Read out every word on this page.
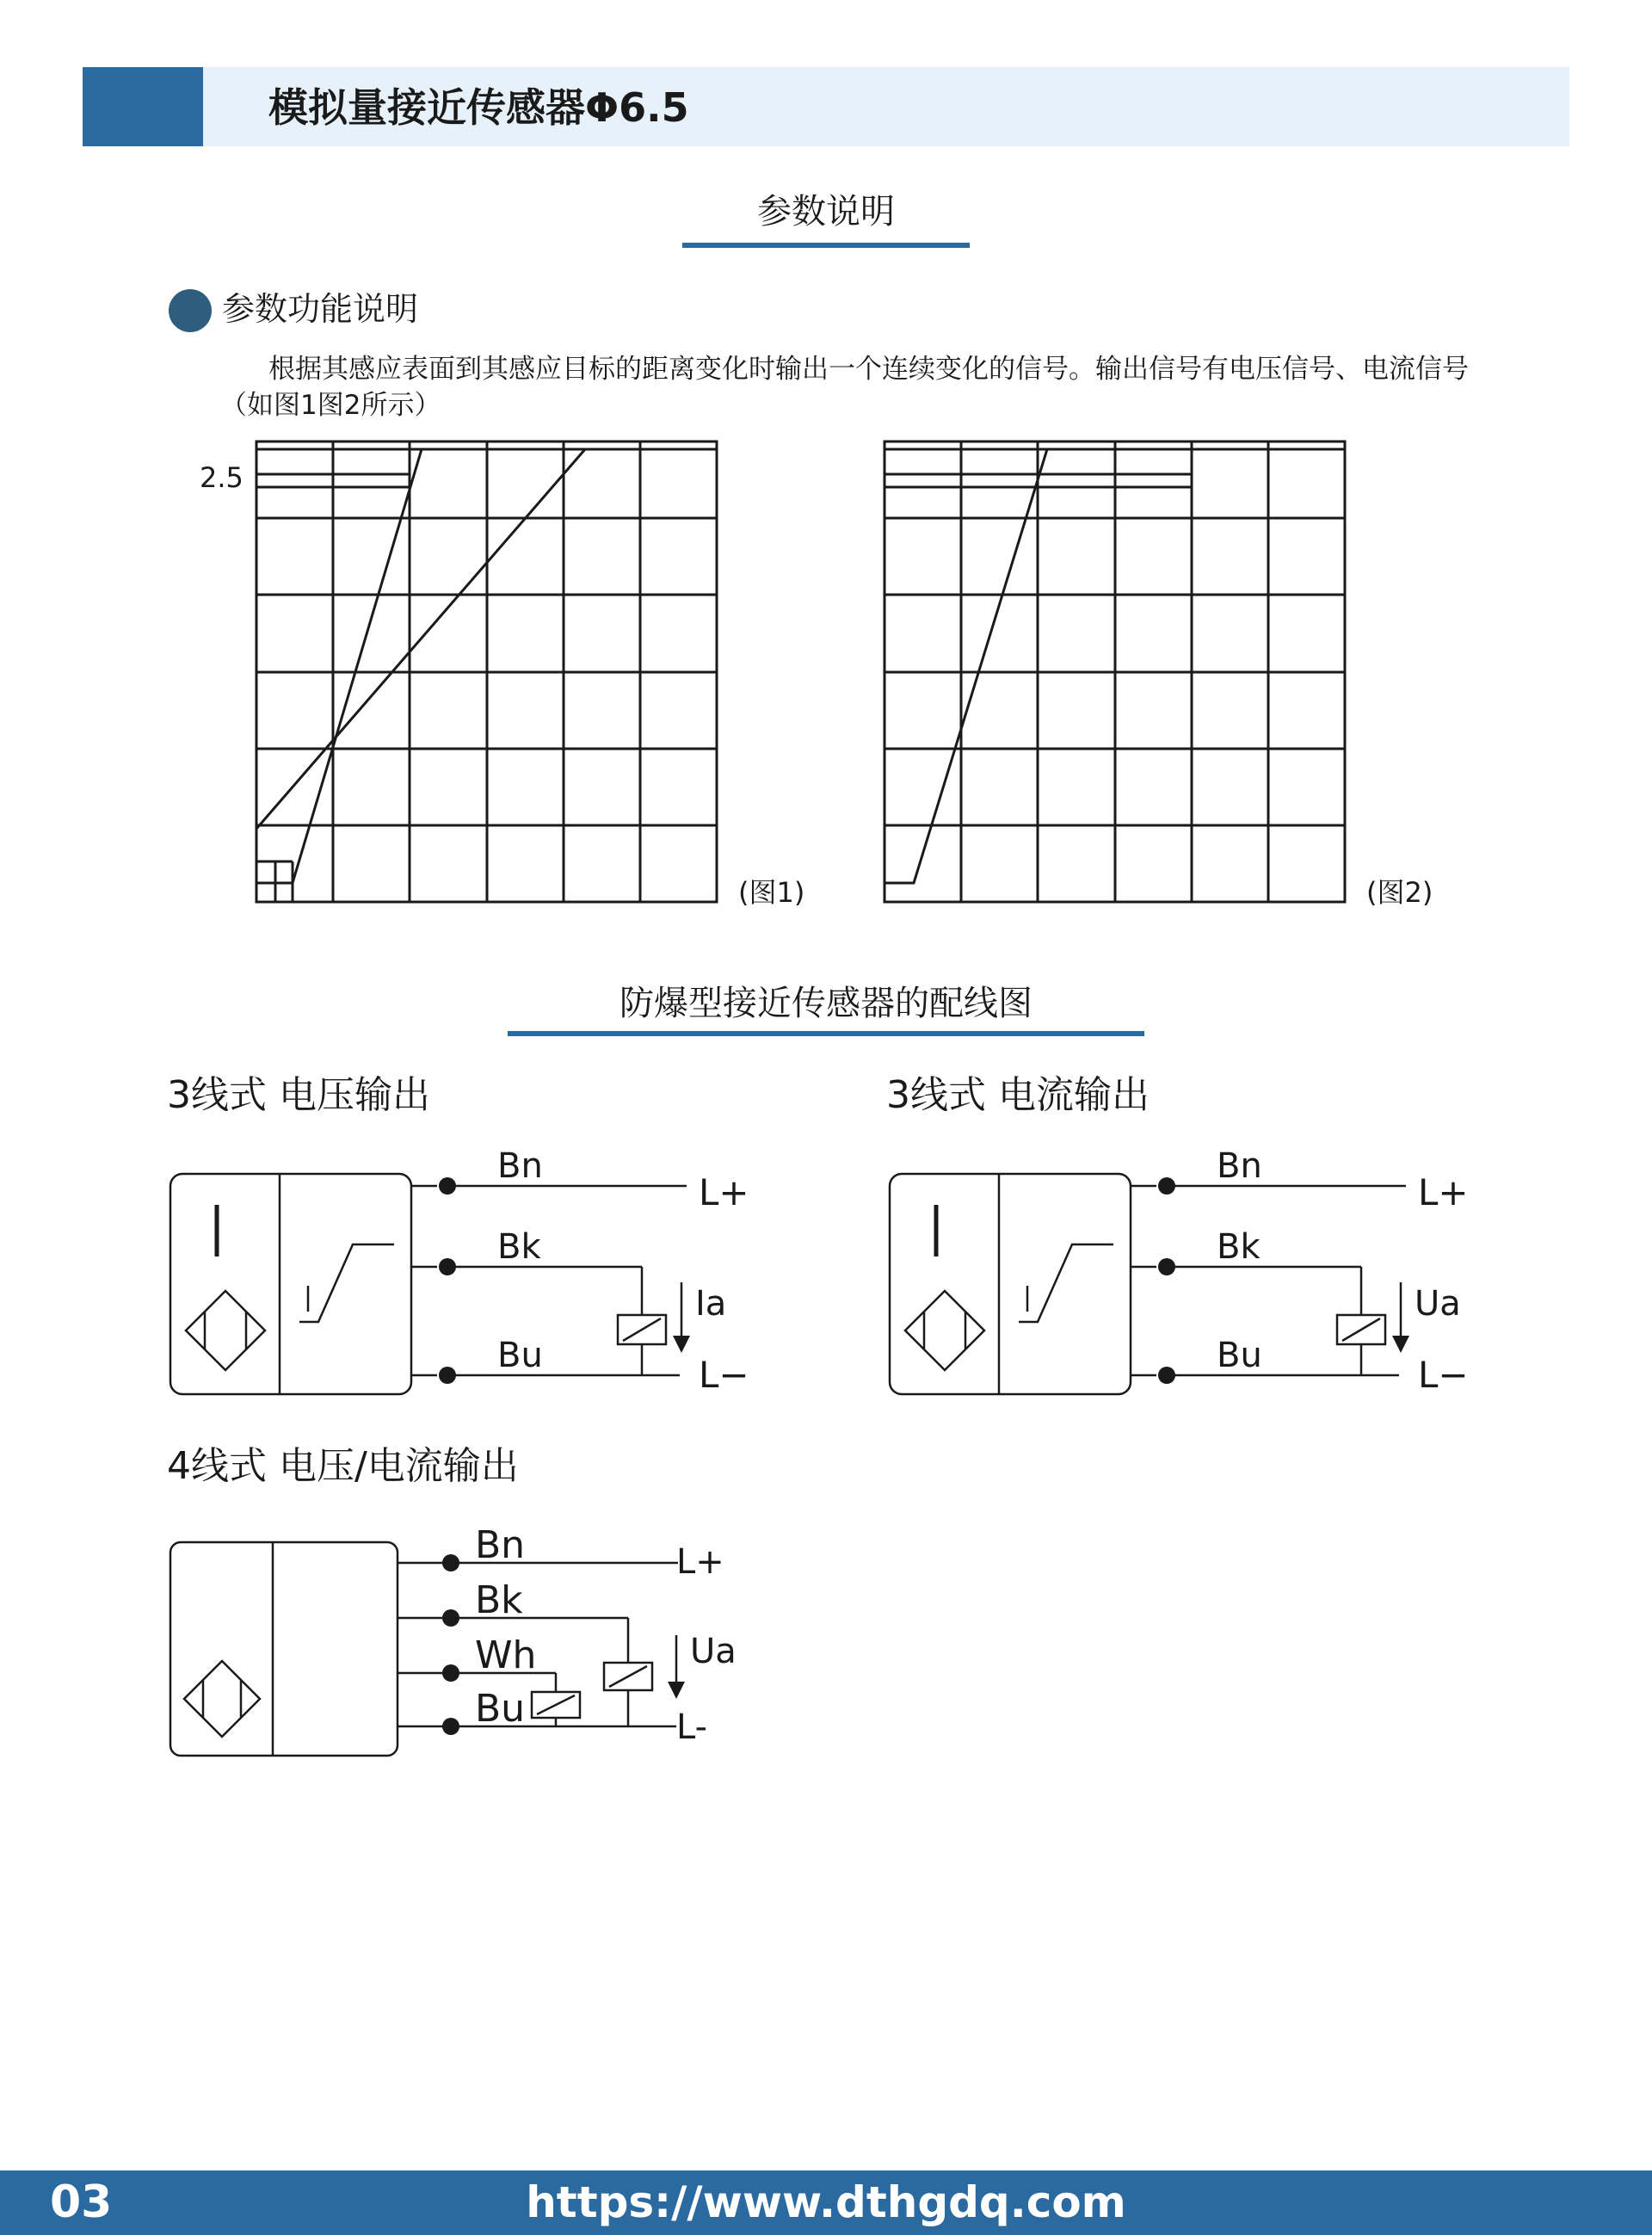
模拟量接近传感器Φ6.5
参数说明
参数功能说明
根据其感应表面到其感应目标的距离变化时输出一个连续变化的信号。输出信号有电压信号、电流信号（如图1图2所示）
2.5
(图1)	(图2)
防爆型接近传感器的配线图
3线式 电压输出
Bn
Bk
Bu
L+
L−
Ia
3线式 电流输出
Bn
Bk
Bu
L+
L−
Ua
4线式 电压/电流输出
Bn
Bk
Wh
Bu
L+
L-
Ua
03	https://www.dthgdq.com
